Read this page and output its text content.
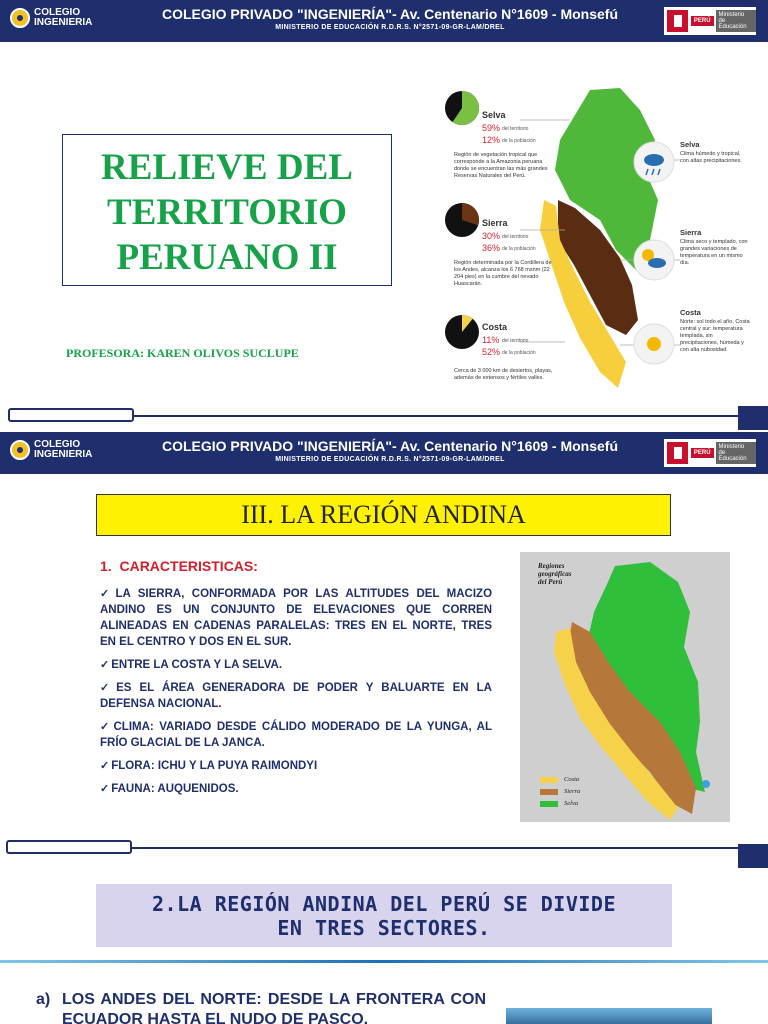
COLEGIO
INGENIERIA
COLEGIO PRIVADO "INGENIERÍA"- Av. Centenario N°1609 - Monsefú
MINISTERIO DE EDUCACIÓN R.D.R.S. N°2571-09-GR-LAM/DREL
PERÚ
Ministerio
de Educación

RELIEVE DEL
TERRITORIO
PERUANO II

PROFESORA: KAREN OLIVOS SUCLUPE
Selva
59% del territorio
12% de la población
Región de vegetación tropical que corresponde a la Amazonia peruana donde se encuentran las más grandes Reservas Naturales del Perú.
Sierra
30% del territorio
36% de la población
Región determinada por la Cordillera de los Andes, alcanza los 6 768 msnm (22 204 pies) en la cumbre del nevado Huascarán.
Costa
11% del territorio
52% de la población
Cerca de 3 000 km de desiertos, playas, además de extensos y fértiles valles.
Selva
Clima húmedo y tropical, con altas precipitaciones.
Sierra
Clima seco y templado, con grandes variaciones de temperatura en un mismo día.
Costa
Norte: sol todo el año. Costa central y sur: temperatura templada, sin precipitaciones, húmeda y con alta nubosidad.
COLEGIO
INGENIERIA
COLEGIO PRIVADO "INGENIERÍA"- Av. Centenario N°1609 - Monsefú
MINISTERIO DE EDUCACIÓN R.D.R.S. N°2571-09-GR-LAM/DREL
PERÚ
Ministerio
de Educación

III. LA REGIÓN ANDINA

1. CARACTERISTICAS:

✓ LA SIERRA, CONFORMADA POR LAS ALTITUDES DEL MACIZO ANDINO ES UN CONJUNTO DE ELEVACIONES QUE CORREN ALINEADAS EN CADENAS PARALELAS: TRES EN EL NORTE, TRES EN EL CENTRO Y DOS EN EL SUR.

✓ ENTRE LA COSTA Y LA SELVA.

✓ ES EL ÁREA GENERADORA DE PODER Y BALUARTE EN LA DEFENSA NACIONAL.

✓ CLIMA: VARIADO DESDE CÁLIDO MODERADO DE LA YUNGA, AL FRÍO GLACIAL DE LA JANCA.

✓ FLORA: ICHU Y LA PUYA RAIMONDYI

✓ FAUNA: AUQUENIDOS.

Regiones
geográficas
del Perú
Costa
Sierra
Selva

2.LA REGIÓN ANDINA DEL PERÚ SE DIVIDE
EN TRES SECTORES.

a) LOS ANDES DEL NORTE: DESDE LA FRONTERA CON ECUADOR HASTA EL NUDO DE PASCO.
